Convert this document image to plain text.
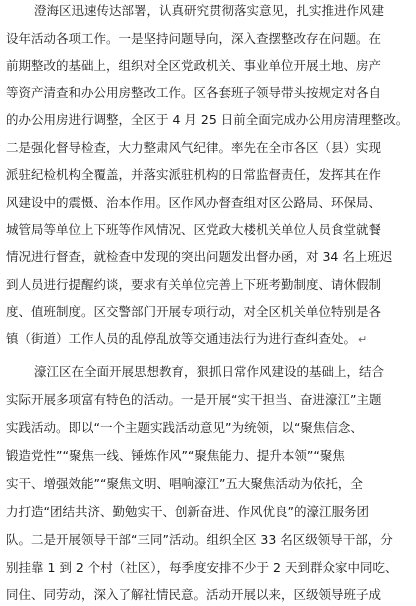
澄海区迅速传达部署，认真研究贯彻落实意见，扎实推进作风建
设年活动各项工作。一是坚持问题导向，深入查摆整改存在问题。在
前期整改的基础上，组织对全区党政机关、事业单位开展土地、房产
等资产清查和办公用房整改工作。区各套班子领导带头按规定对各自
的办公用房进行调整，全区于 4 月 25 日前全面完成办公用房清理整改。
二是强化督导检查，大力整肃风气纪律。率先在全市各区（县）实现
派驻纪检机构全覆盖，并落实派驻机构的日常监督责任，发挥其在作
风建设中的震慑、治本作用。区作风办督查组对区公路局、环保局、
城管局等单位上下班等作风情况、区党政大楼机关单位人员食堂就餐
情况进行督查，就检查中发现的突出问题发出督办函，对 34 名上班迟
到人员进行提醒约谈，要求有关单位完善上下班考勤制度、请休假制
度、值班制度。区交警部门开展专项行动，对全区机关单位特别是各
镇（街道）工作人员的乱停乱放等交通违法行为进行查纠查处。 ↵
濠江区在全面开展思想教育，狠抓日常作风建设的基础上，结合
实际开展多项富有特色的活动。一是开展“实干担当、奋进濠江”主题
实践活动。即以“一个主题实践活动意见”为统领，以“聚焦信念、
锻造党性”“聚焦一线、锤炼作风”“聚焦能力、提升本领”“聚焦
实干、增强效能”“聚焦文明、唱响濠江”五大聚焦活动为依托，全
力打造“团结共济、勤勉实干、创新奋进、作风优良”的濠江服务团
队。二是开展领导干部“三同”活动。组织全区 33 名区级领导干部，分
别挂靠 1 到 2 个村（社区），每季度安排不少于 2 天到群众家中同吃、
同住、同劳动，深入了解社情民意。活动开展以来，区级领导班子成
